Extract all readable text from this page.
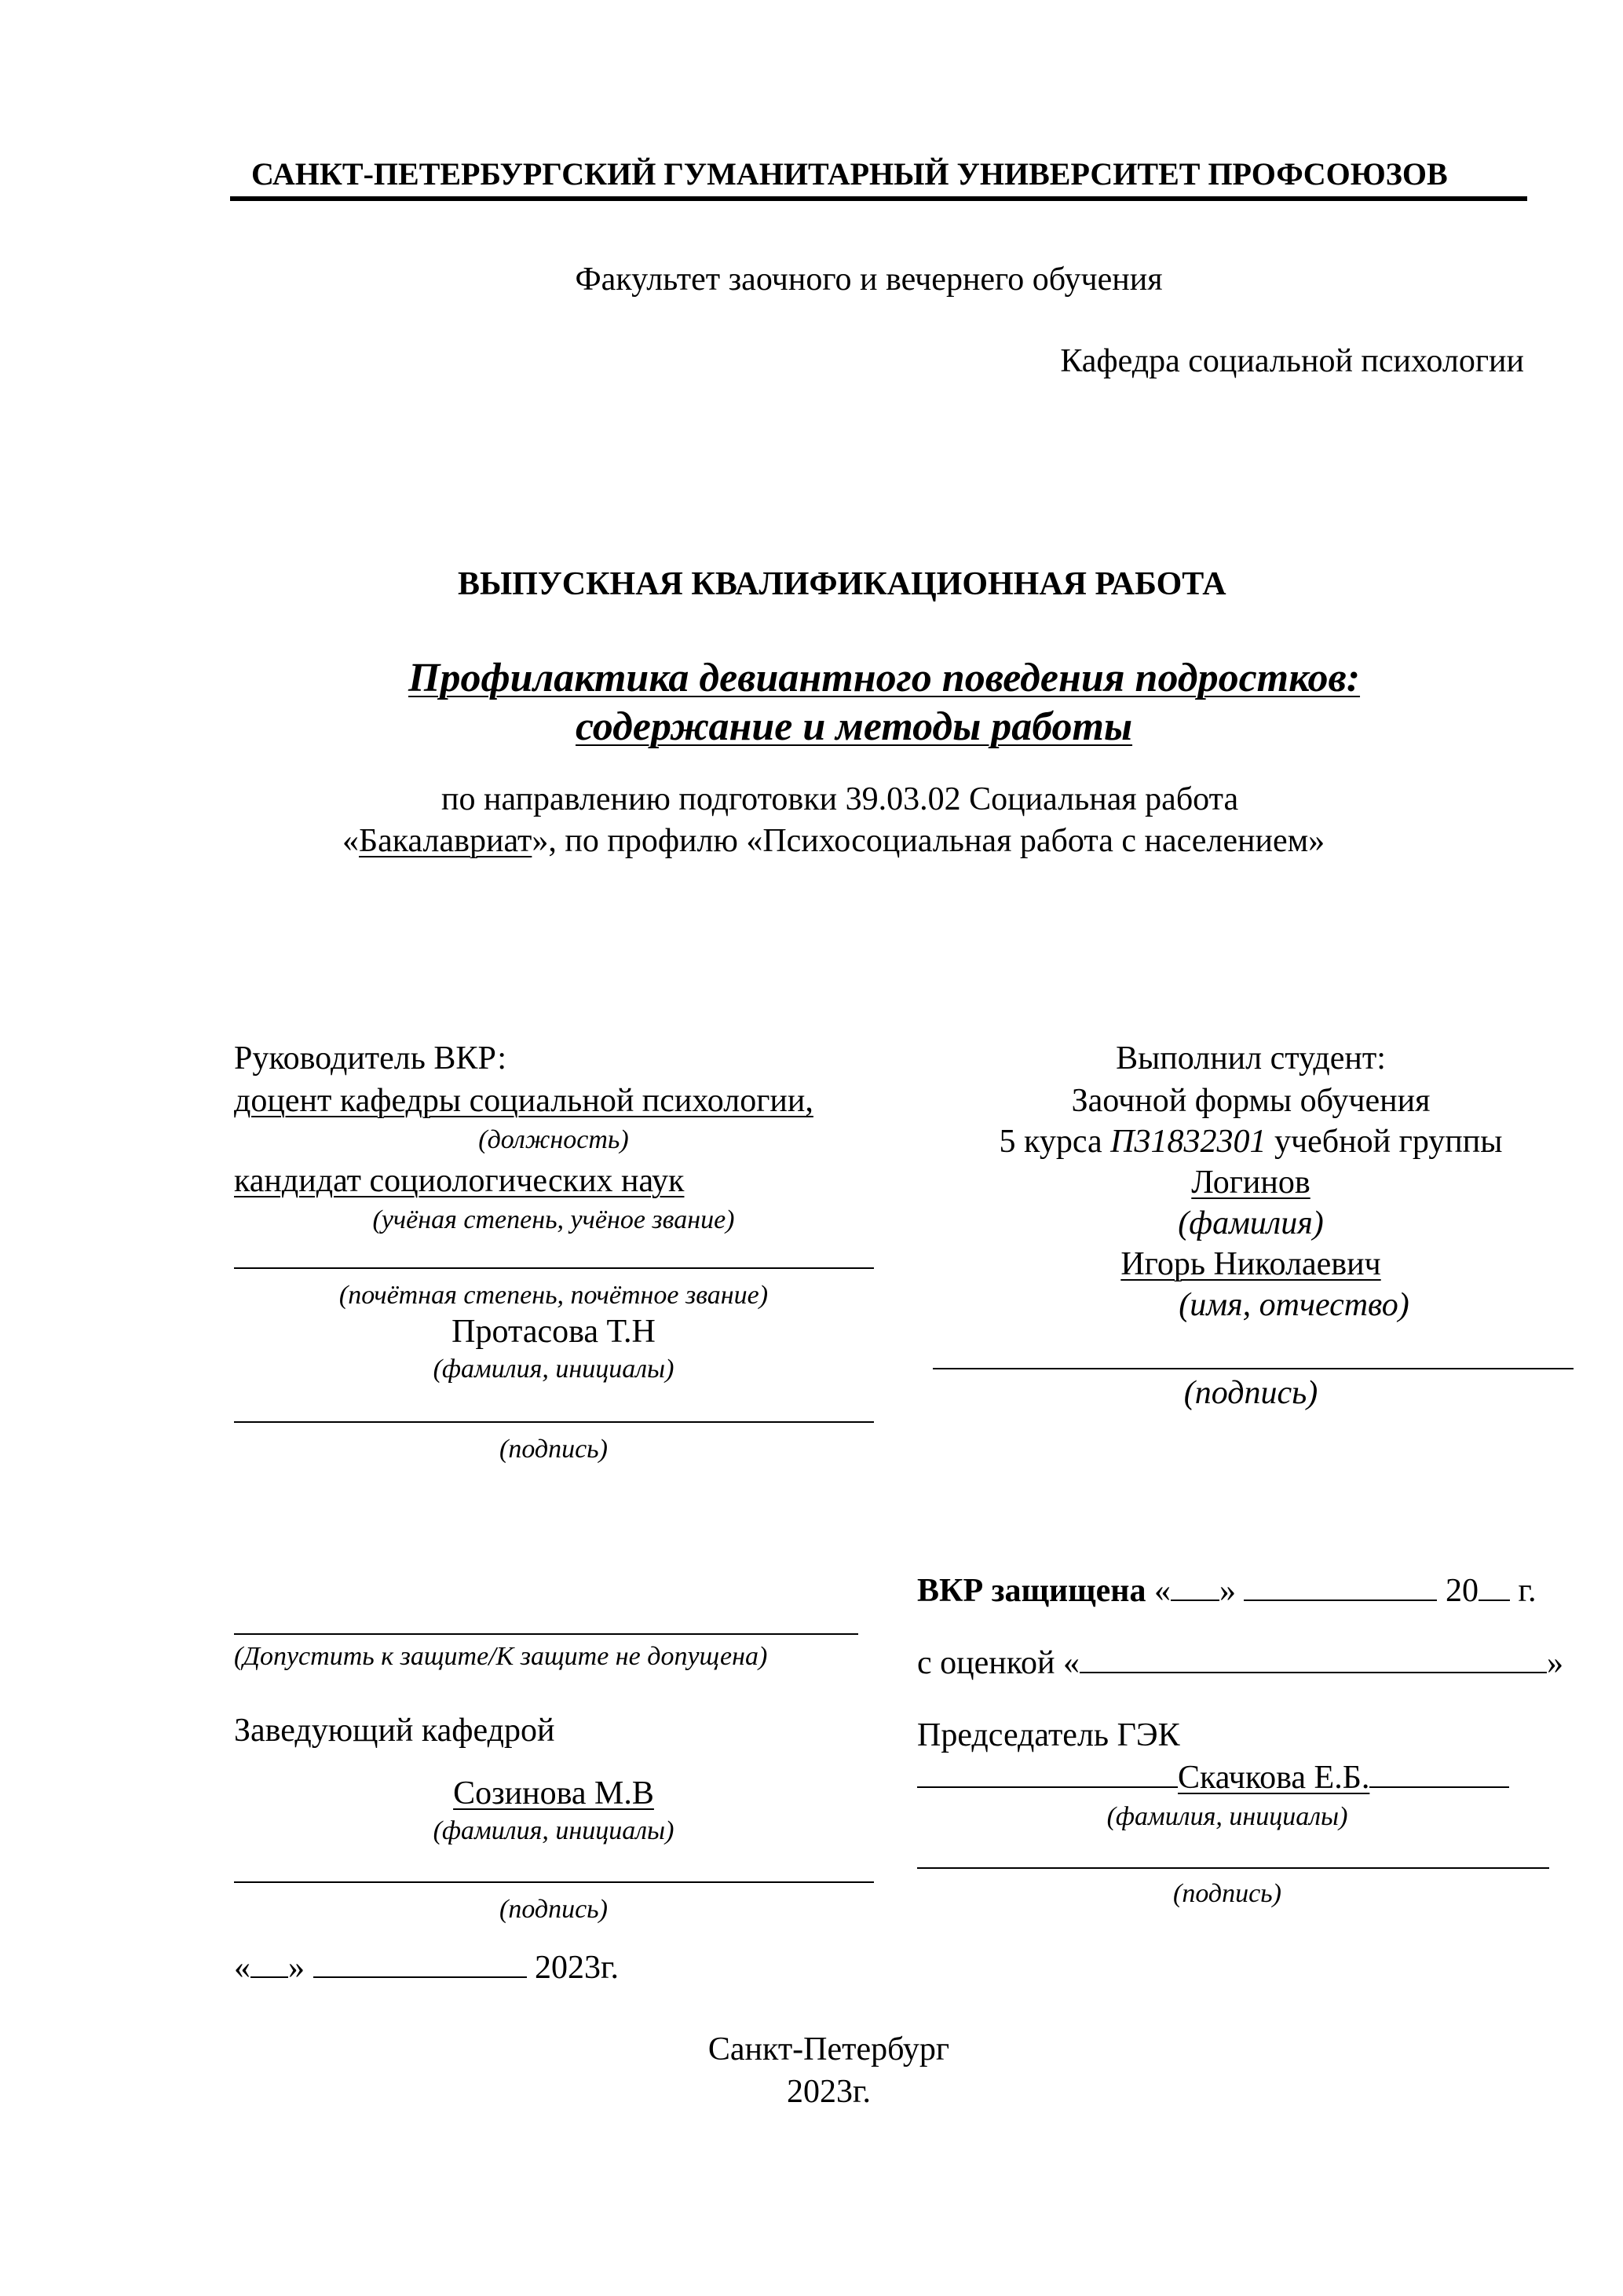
САНКТ-ПЕТЕРБУРГСКИЙ ГУМАНИТАРНЫЙ УНИВЕРСИТЕТ ПРОФСОЮЗОВ
Факультет заочного и вечернего обучения
Кафедра социальной психологии
ВЫПУСКНАЯ КВАЛИФИКАЦИОННАЯ РАБОТА
Профилактика девиантного поведения подростков:
содержание и методы работы
по направлению подготовки 39.03.02 Социальная работа
«Бакалавриат», по профилю «Психосоциальная работа с населением»
Руководитель ВКР:
доцент кафедры социальной психологии,
(должность)
кандидат социологических наук
(учёная степень, учёное звание)
(почётная степень, почётное звание)
Протасова Т.Н
(фамилия, инициалы)
(подпись)
Выполнил студент:
Заочной формы обучения
5 курса П31832301 учебной группы
Логинов
(фамилия)
Игорь Николаевич
(имя, отчество)
(подпись)
(Допустить к защите/К защите не допущена)
Заведующий кафедрой
Созинова М.В
(фамилия, инициалы)
(подпись)
« »	2023г.
ВКР защищена « »	20 г.
с оценкой «	»
Председатель ГЭК
Скачкова Е.Б.
(фамилия, инициалы)
(подпись)
Санкт-Петербург
2023г.
